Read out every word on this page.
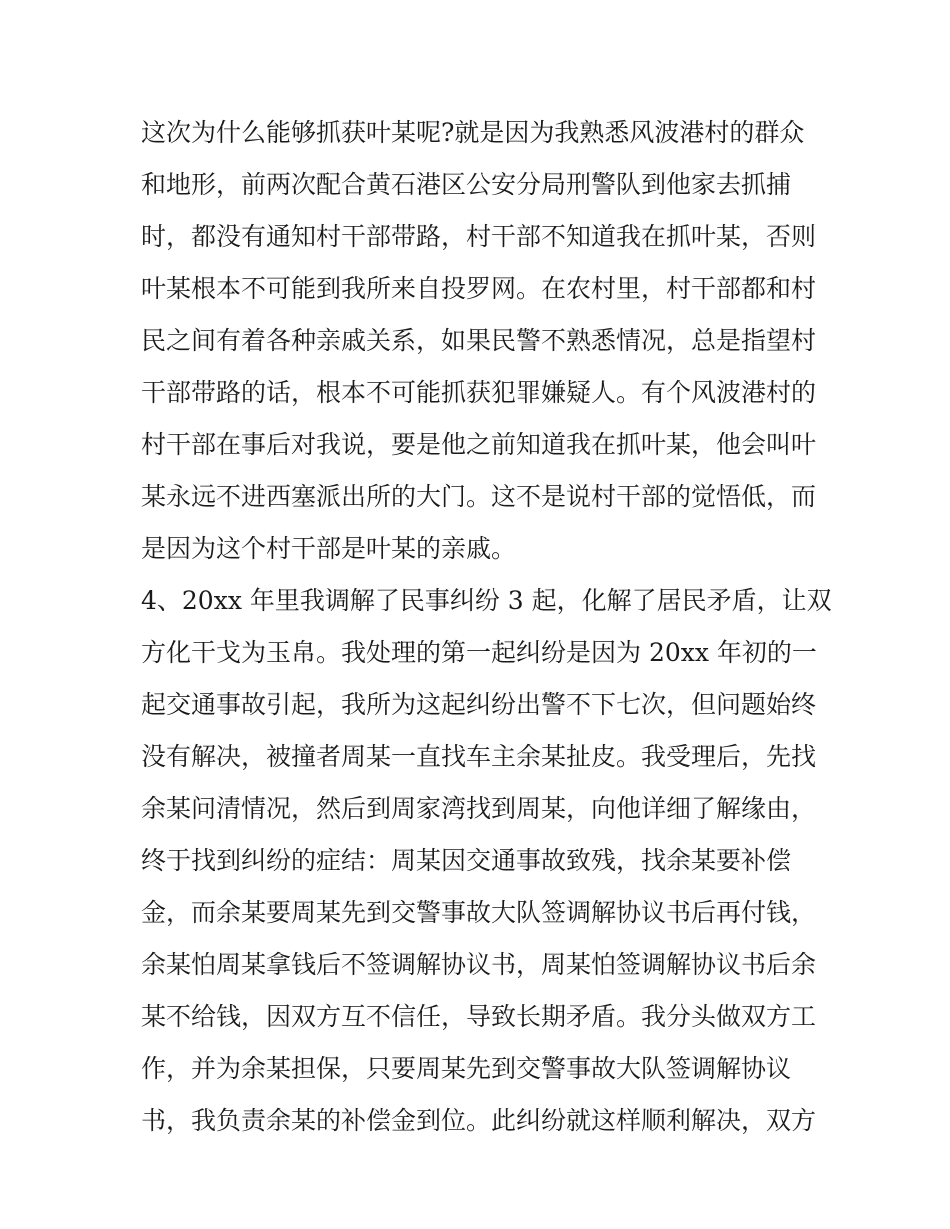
这次为什么能够抓获叶某呢?就是因为我熟悉风波港村的群众
和地形，前两次配合黄石港区公安分局刑警队到他家去抓捕
时，都没有通知村干部带路，村干部不知道我在抓叶某，否则
叶某根本不可能到我所来自投罗网。在农村里，村干部都和村
民之间有着各种亲戚关系，如果民警不熟悉情况，总是指望村
干部带路的话，根本不可能抓获犯罪嫌疑人。有个风波港村的
村干部在事后对我说，要是他之前知道我在抓叶某，他会叫叶
某永远不进西塞派出所的大门。这不是说村干部的觉悟低，而
是因为这个村干部是叶某的亲戚。
4、20xx 年里我调解了民事纠纷 3 起，化解了居民矛盾，让双
方化干戈为玉帛。我处理的第一起纠纷是因为 20xx 年初的一
起交通事故引起，我所为这起纠纷出警不下七次，但问题始终
没有解决，被撞者周某一直找车主余某扯皮。我受理后，先找
余某问清情况，然后到周家湾找到周某，向他详细了解缘由，
终于找到纠纷的症结：周某因交通事故致残，找余某要补偿
金，而余某要周某先到交警事故大队签调解协议书后再付钱，
余某怕周某拿钱后不签调解协议书，周某怕签调解协议书后余
某不给钱，因双方互不信任，导致长期矛盾。我分头做双方工
作，并为余某担保，只要周某先到交警事故大队签调解协议
书，我负责余某的补偿金到位。此纠纷就这样顺利解决，双方
